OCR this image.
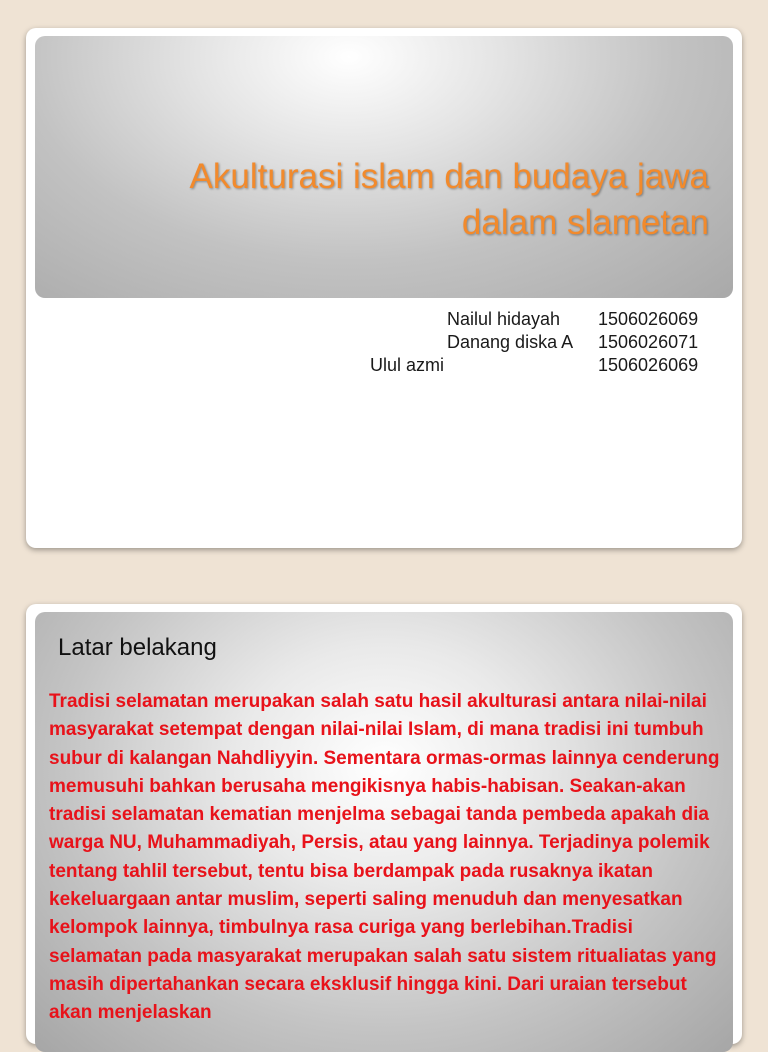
Akulturasi islam dan budaya jawa
dalam slametan
Nailul hidayah 1506026069
Danang diska A 1506026071
Ulul azmi	1506026069
Latar belakang

Tradisi selamatan merupakan salah satu hasil akulturasi antara nilai-nilai masyarakat setempat dengan nilai-nilai Islam, di mana tradisi ini tumbuh subur di kalangan Nahdliyyin. Sementara ormas-ormas lainnya cenderung memusuhi bahkan berusaha mengikisnya habis-habisan. Seakan-akan tradisi selamatan kematian menjelma sebagai tanda pembeda apakah dia warga NU, Muhammadiyah, Persis, atau yang lainnya. Terjadinya polemik tentang tahlil tersebut, tentu bisa berdampak pada rusaknya ikatan kekeluargaan antar muslim, seperti saling menuduh dan menyesatkan kelompok lainnya, timbulnya rasa curiga yang berlebihan.Tradisi selamatan pada masyarakat merupakan salah satu sistem ritualiatas yang masih dipertahankan secara eksklusif hingga kini. Dari uraian tersebut akan menjelaskan
